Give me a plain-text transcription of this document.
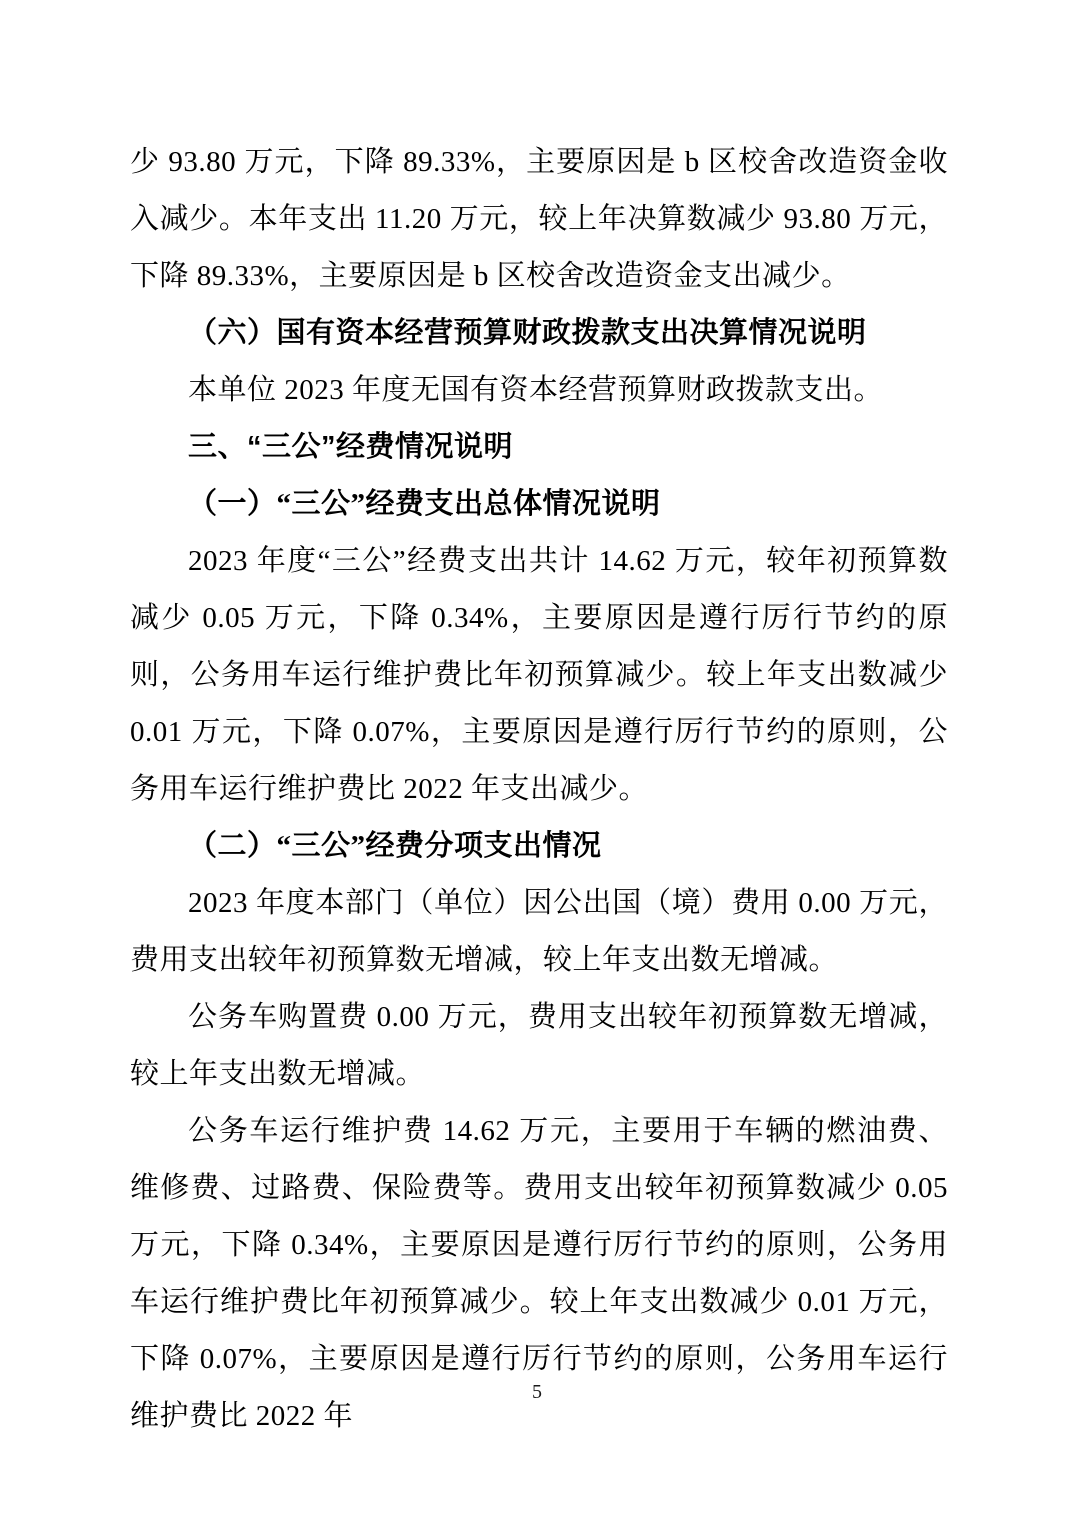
少 93.80 万元，下降 89.33%，主要原因是 b 区校舍改造资金收入减少。本年支出 11.20 万元，较上年决算数减少 93.80 万元，下降 89.33%，主要原因是 b 区校舍改造资金支出减少。

（六）国有资本经营预算财政拨款支出决算情况说明

本单位 2023 年度无国有资本经营预算财政拨款支出。

三、“三公”经费情况说明
（一）“三公”经费支出总体情况说明

2023 年度“三公”经费支出共计 14.62 万元，较年初预算数减少 0.05 万元，下降 0.34%，主要原因是遵行厉行节约的原则，公务用车运行维护费比年初预算减少。较上年支出数减少 0.01 万元，下降 0.07%，主要原因是遵行厉行节约的原则，公务用车运行维护费比 2022 年支出减少。

（二）“三公”经费分项支出情况

2023 年度本部门（单位）因公出国（境）费用 0.00 万元，费用支出较年初预算数无增减，较上年支出数无增减。

公务车购置费 0.00 万元，费用支出较年初预算数无增减，较上年支出数无增减。

公务车运行维护费 14.62 万元，主要用于车辆的燃油费、维修费、过路费、保险费等。费用支出较年初预算数减少 0.05 万元，下降 0.34%，主要原因是遵行厉行节约的原则，公务用车运行维护费比年初预算减少。较上年支出数减少 0.01 万元，下降 0.07%，主要原因是遵行厉行节约的原则，公务用车运行维护费比 2022 年

5
